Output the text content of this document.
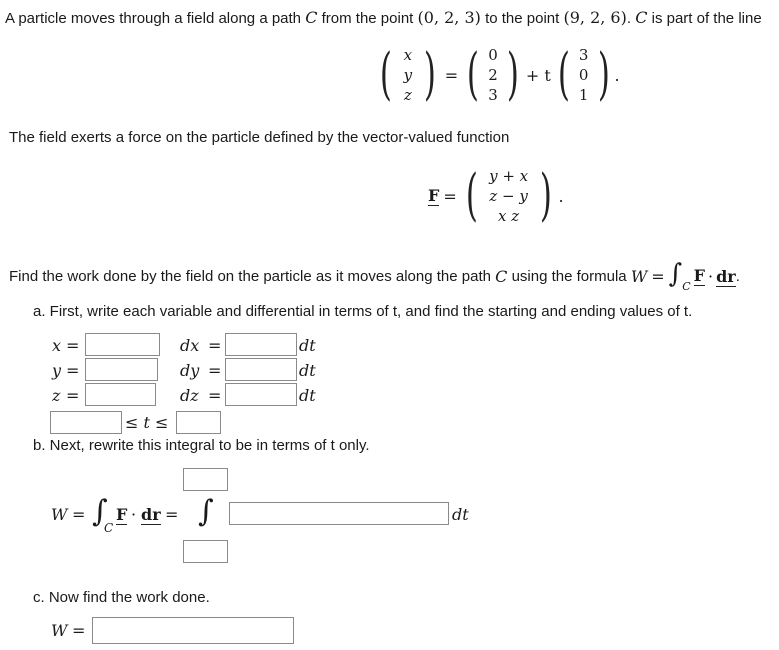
A particle moves through a field along a path C from the point (0, 2, 3) to the point (9, 2, 6). C is part of the line
( x
y
z ) = ( 0
2
3 ) + t ( 3
0
1 ) .
The field exerts a force on the particle defined by the vector-valued function
F = ( y + x
z − y
x z ) .
Find the work done by the field on the particle as it moves along the path
C
using the formula
W = ∫ C
F · dr .
a. First, write each variable and differential in terms of t, and find the starting and ending values of t.
x =	dx =	dt
y =	dy =	dt
z =	dz =	dt
≤ t ≤
b. Next, rewrite this integral to be in terms of t only.
W = ∫
C
F · dr = ∫	dt
c. Now find the work done.
W =
